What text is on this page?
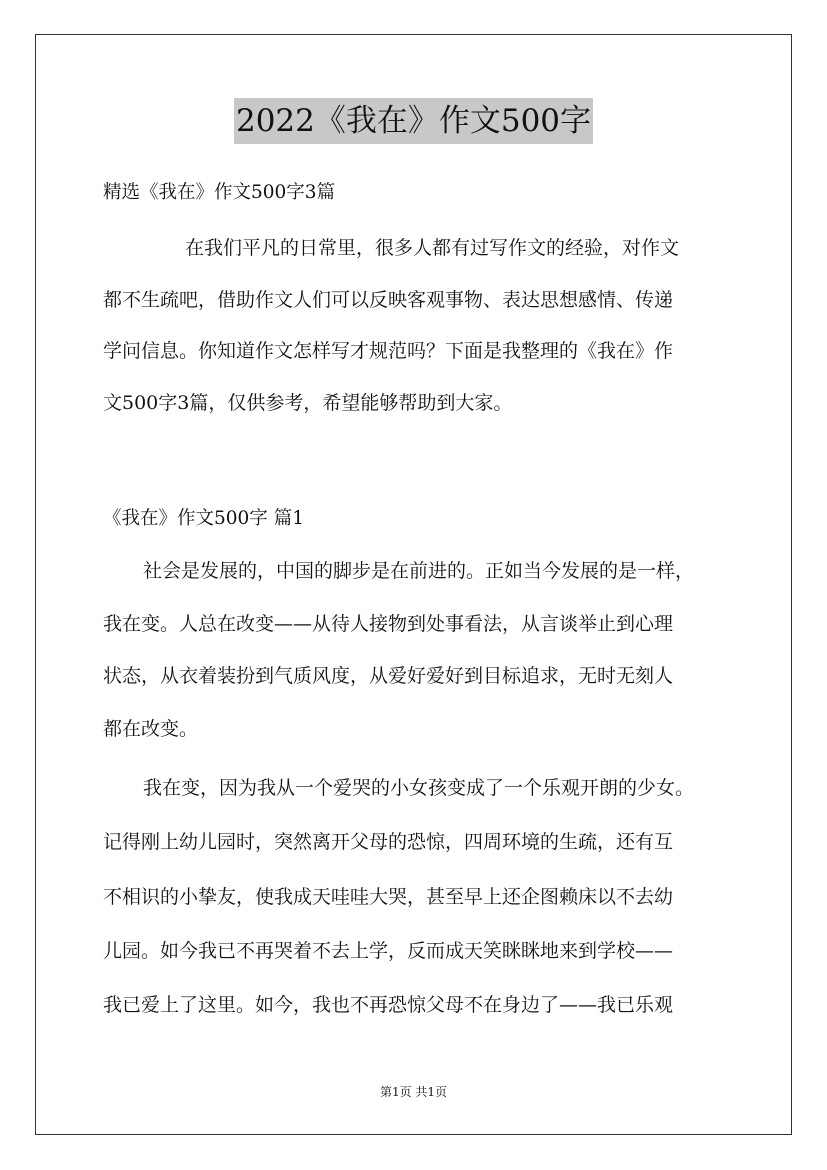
2022《我在》作文500字
精选《我在》作文500字3篇
在我们平凡的日常里，很多人都有过写作文的经验，对作文
都不生疏吧，借助作文人们可以反映客观事物、表达思想感情、传递
学问信息。你知道作文怎样写才规范吗？下面是我整理的《我在》作
文500字3篇，仅供参考，希望能够帮助到大家。
《我在》作文500字 篇1
社会是发展的，中国的脚步是在前进的。正如当今发展的是一样，
我在变。人总在改变——从待人接物到处事看法，从言谈举止到心理
状态，从衣着装扮到气质风度，从爱好爱好到目标追求，无时无刻人
都在改变。
我在变，因为我从一个爱哭的小女孩变成了一个乐观开朗的少女。
记得刚上幼儿园时，突然离开父母的恐惊，四周环境的生疏，还有互
不相识的小挚友，使我成天哇哇大哭，甚至早上还企图赖床以不去幼
儿园。如今我已不再哭着不去上学，反而成天笑眯眯地来到学校——
我已爱上了这里。如今，我也不再恐惊父母不在身边了——我已乐观
第1页 共1页
